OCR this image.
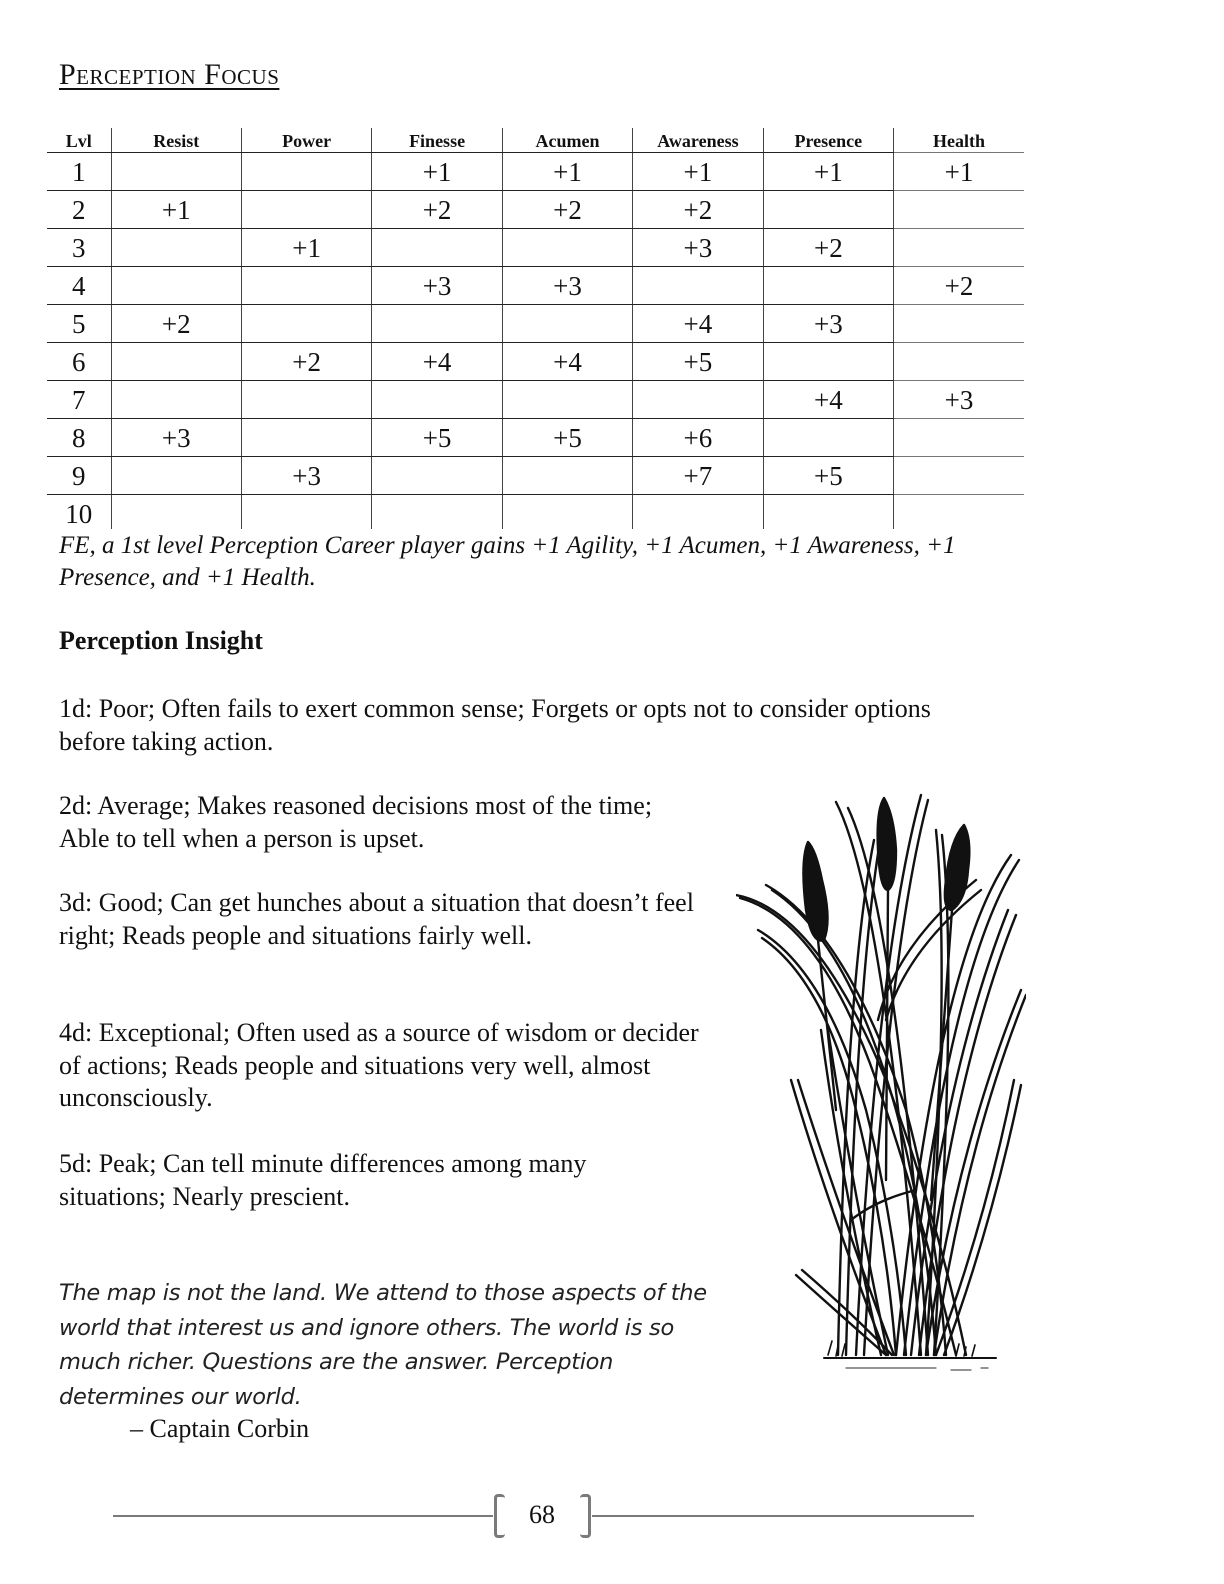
Perception Focus
Lvl	Resist	Power	Finesse	Acumen	Awareness	Presence	Health
1			+1	+1	+1	+1	+1
2	+1		+2	+2	+2		
3		+1			+3	+2	
4			+3	+3			+2
5	+2				+4	+3	
6		+2	+4	+4	+5		
7						+4	+3
8	+3		+5	+5	+6		
9		+3			+7	+5	
10							

FE, a 1st level Perception Career player gains +1 Agility, +1 Acumen, +1 Awareness, +1 Presence, and +1 Health.

Perception Insight

1d: Poor; Often fails to exert common sense; Forgets or opts not to consider options before taking action.

2d: Average; Makes reasoned decisions most of the time; Able to tell when a person is upset.

3d: Good; Can get hunches about a situation that doesn’t feel right; Reads people and situations fairly well.

4d: Exceptional; Often used as a source of wisdom or decider of actions; Reads people and situations very well, almost unconsciously.

5d: Peak; Can tell minute differences among many situations; Nearly prescient.

The map is not the land. We attend to those aspects of the world that interest us and ignore others. The world is so much richer. Questions are the answer. Perception determines our world.

– Captain Corbin

68
